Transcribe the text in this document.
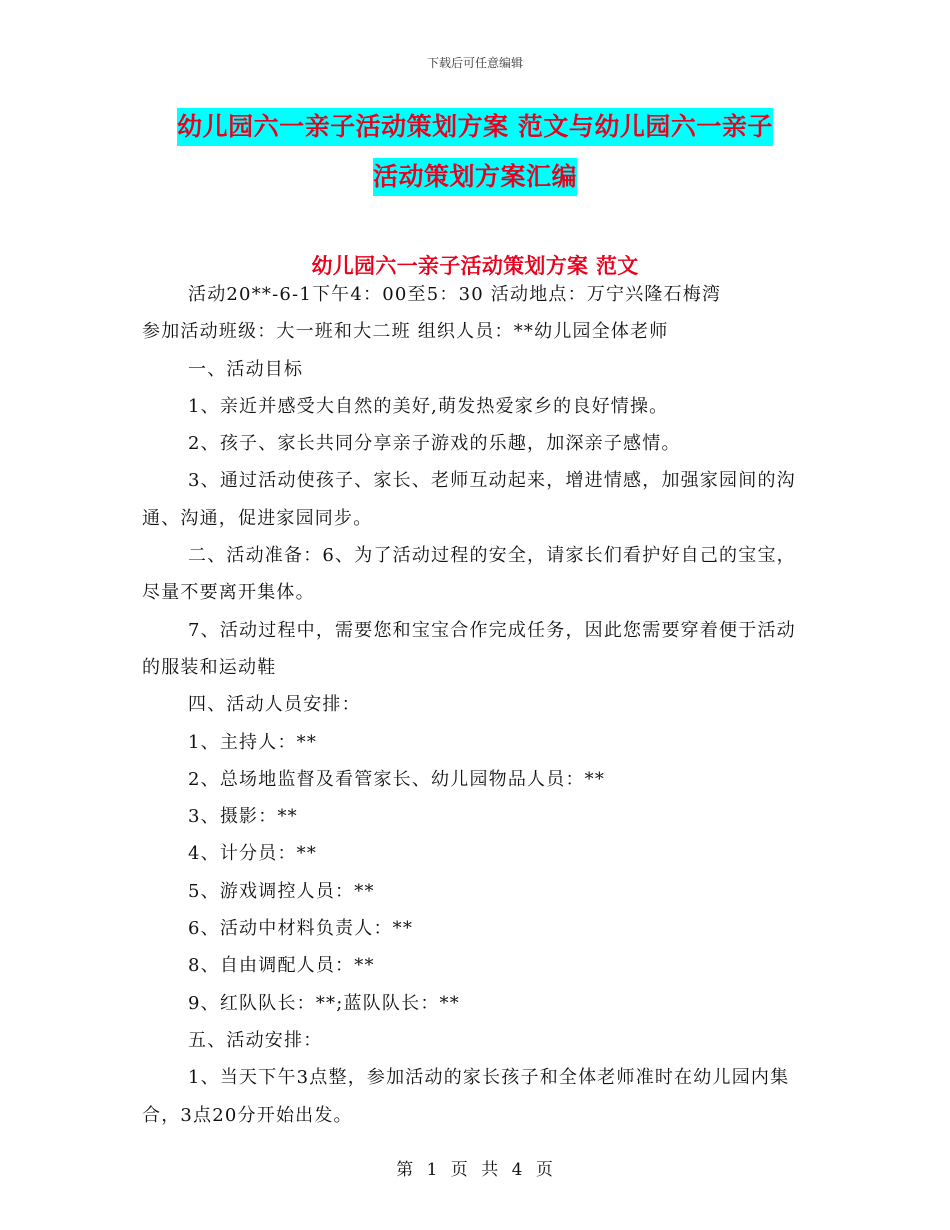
下载后可任意编辑
幼儿园六一亲子活动策划方案 范文与幼儿园六一亲子
活动策划方案汇编
幼儿园六一亲子活动策划方案 范文

活动20**-6-1下午4：00至5：30 活动地点：万宁兴隆石梅湾

参加活动班级：大一班和大二班 组织人员：**幼儿园全体老师

一、活动目标

1、亲近并感受大自然的美好,萌发热爱家乡的良好情操。

2、孩子、家长共同分享亲子游戏的乐趣，加深亲子感情。

3、通过活动使孩子、家长、老师互动起来，增进情感，加强家园间的沟通、沟通，促进家园同步。

二、活动准备：6、为了活动过程的安全，请家长们看护好自己的宝宝，尽量不要离开集体。

7、活动过程中，需要您和宝宝合作完成任务，因此您需要穿着便于活动的服装和运动鞋

四、活动人员安排：

1、主持人：**

2、总场地监督及看管家长、幼儿园物品人员：**

3、摄影：**

4、计分员：**

5、游戏调控人员：**

6、活动中材料负责人：**

8、自由调配人员：**

9、红队队长：**;蓝队队长：**

五、活动安排：

1、当天下午3点整，参加活动的家长孩子和全体老师准时在幼儿园内集合，3点20分开始出发。

第 1 页 共 4 页
